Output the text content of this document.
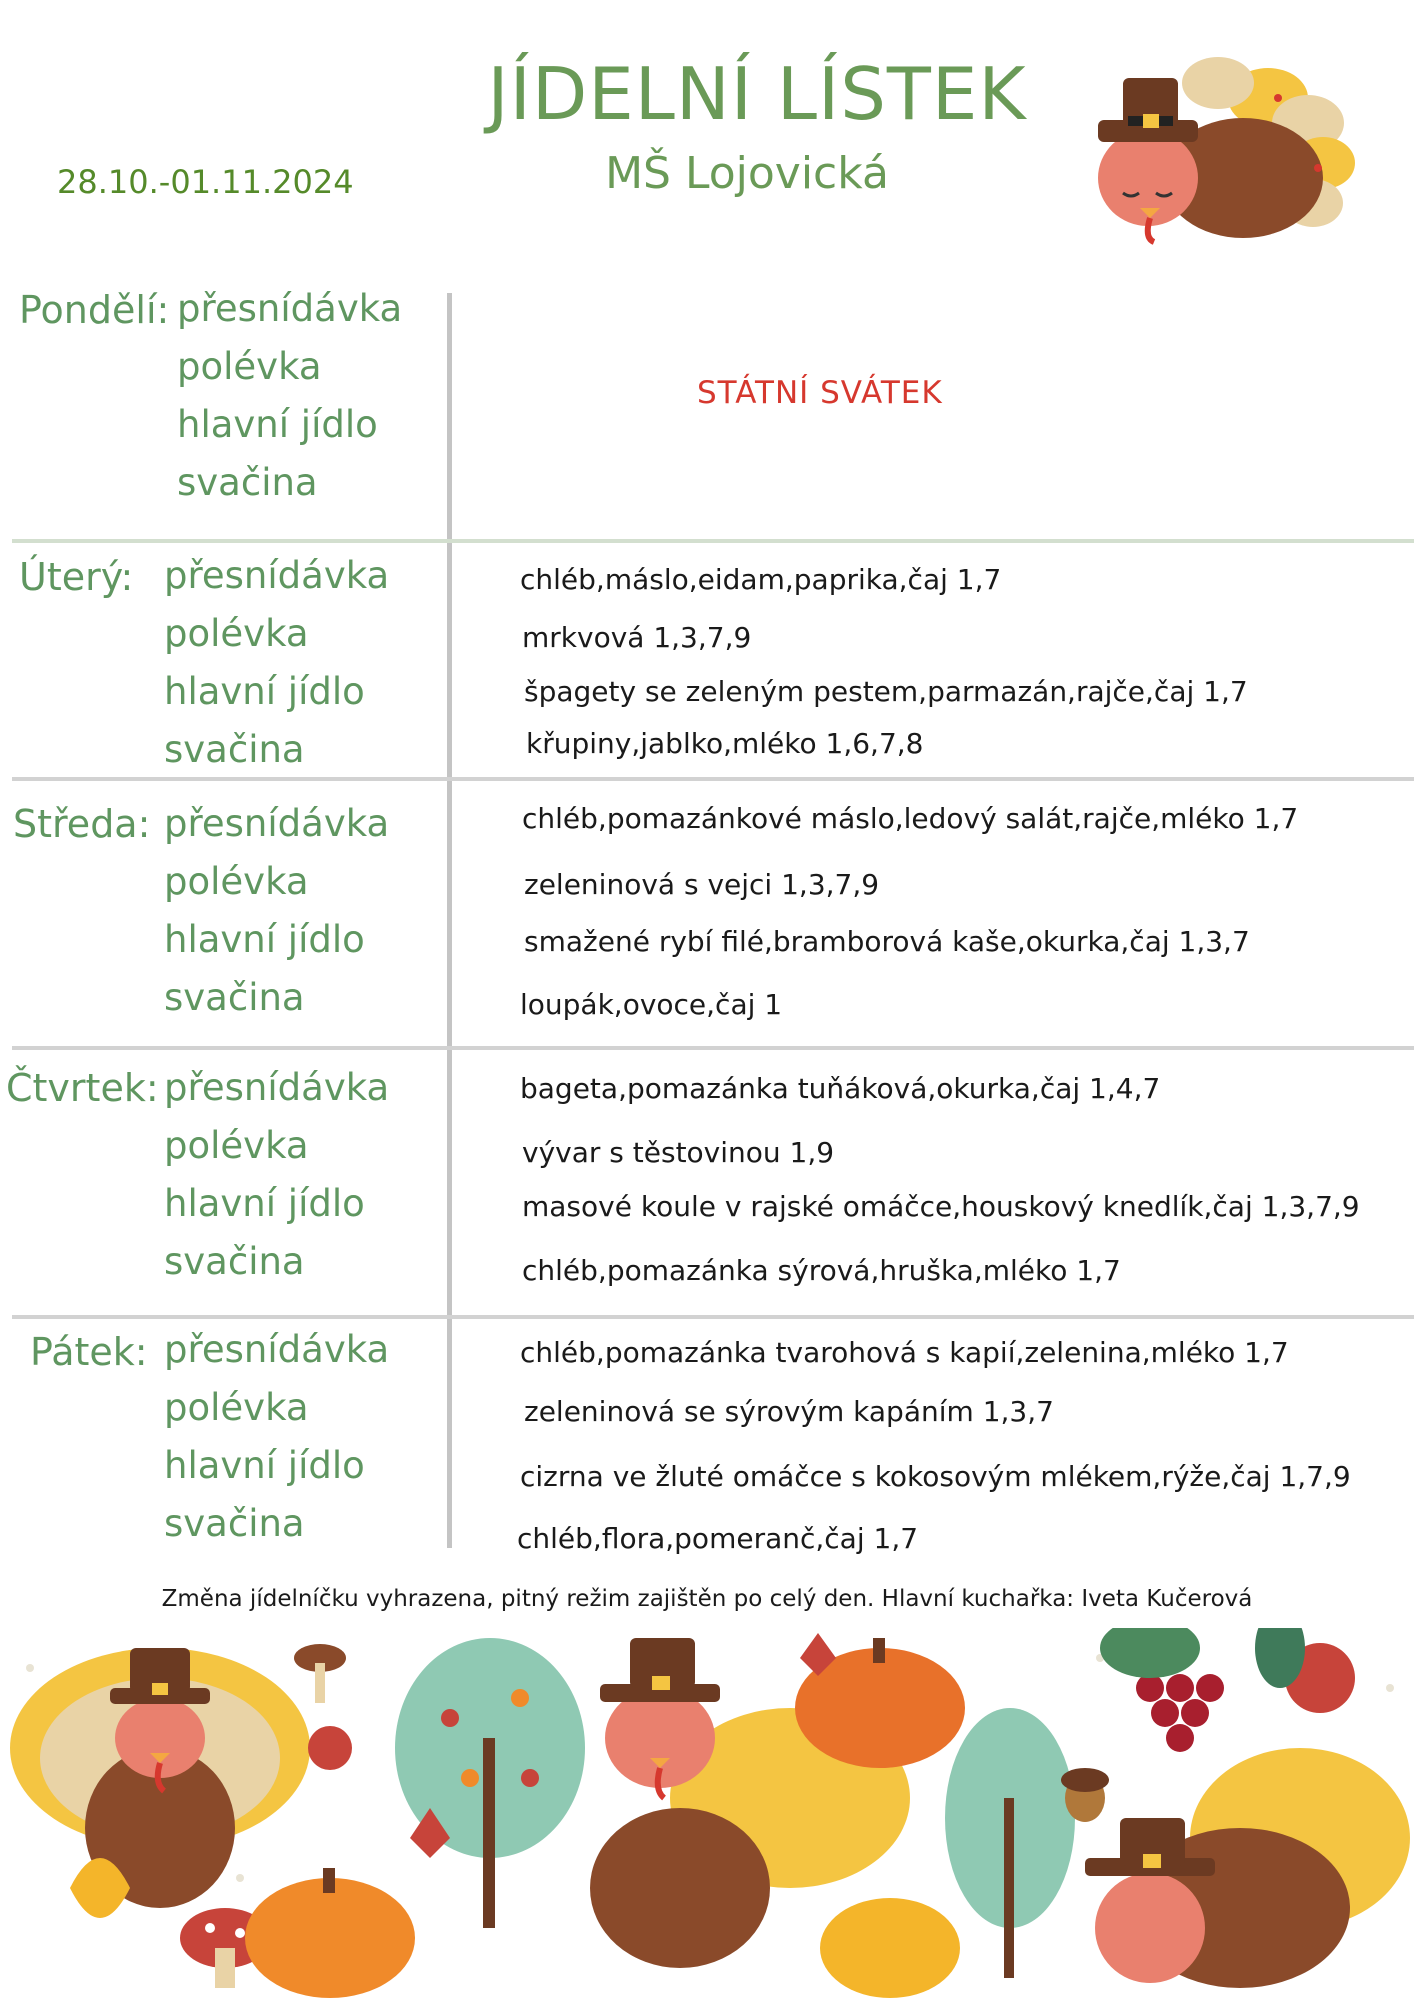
JÍDELNÍ LÍSTEK
MŠ Lojovická
28.10.-01.11.2024
Pondělí: přesnídávka
polévka
hlavní jídlo
svačina
STÁTNÍ SVÁTEK
Úterý: přesnídávka
polévka
hlavní jídlo
svačina
chléb,máslo,eidam,paprika,čaj 1,7
mrkvová 1,3,7,9
špagety se zeleným pestem,parmazán,rajče,čaj 1,7
křupiny,jablko,mléko 1,6,7,8
Středa: přesnídávka
polévka
hlavní jídlo
svačina
chléb,pomazánkové máslo,ledový salát,rajče,mléko 1,7
zeleninová s vejci 1,3,7,9
smažené rybí filé,bramborová kaše,okurka,čaj 1,3,7
loupák,ovoce,čaj 1
Čtvrtek: přesnídávka
polévka
hlavní jídlo
svačina
bageta,pomazánka tuňáková,okurka,čaj 1,4,7
vývar s těstovinou 1,9
masové koule v rajské omáčce,houskový knedlík,čaj 1,3,7,9
chléb,pomazánka sýrová,hruška,mléko 1,7
Pátek: přesnídávka
polévka
hlavní jídlo
svačina
chléb,pomazánka tvarohová s kapií,zelenina,mléko 1,7
zeleninová se sýrovým kapáním 1,3,7
cizrna ve žluté omáčce s kokosovým mlékem,rýže,čaj 1,7,9
chléb,flora,pomeranč,čaj 1,7
Změna jídelníčku vyhrazena, pitný režim zajištěn po celý den. Hlavní kuchařka: Iveta Kučerová
